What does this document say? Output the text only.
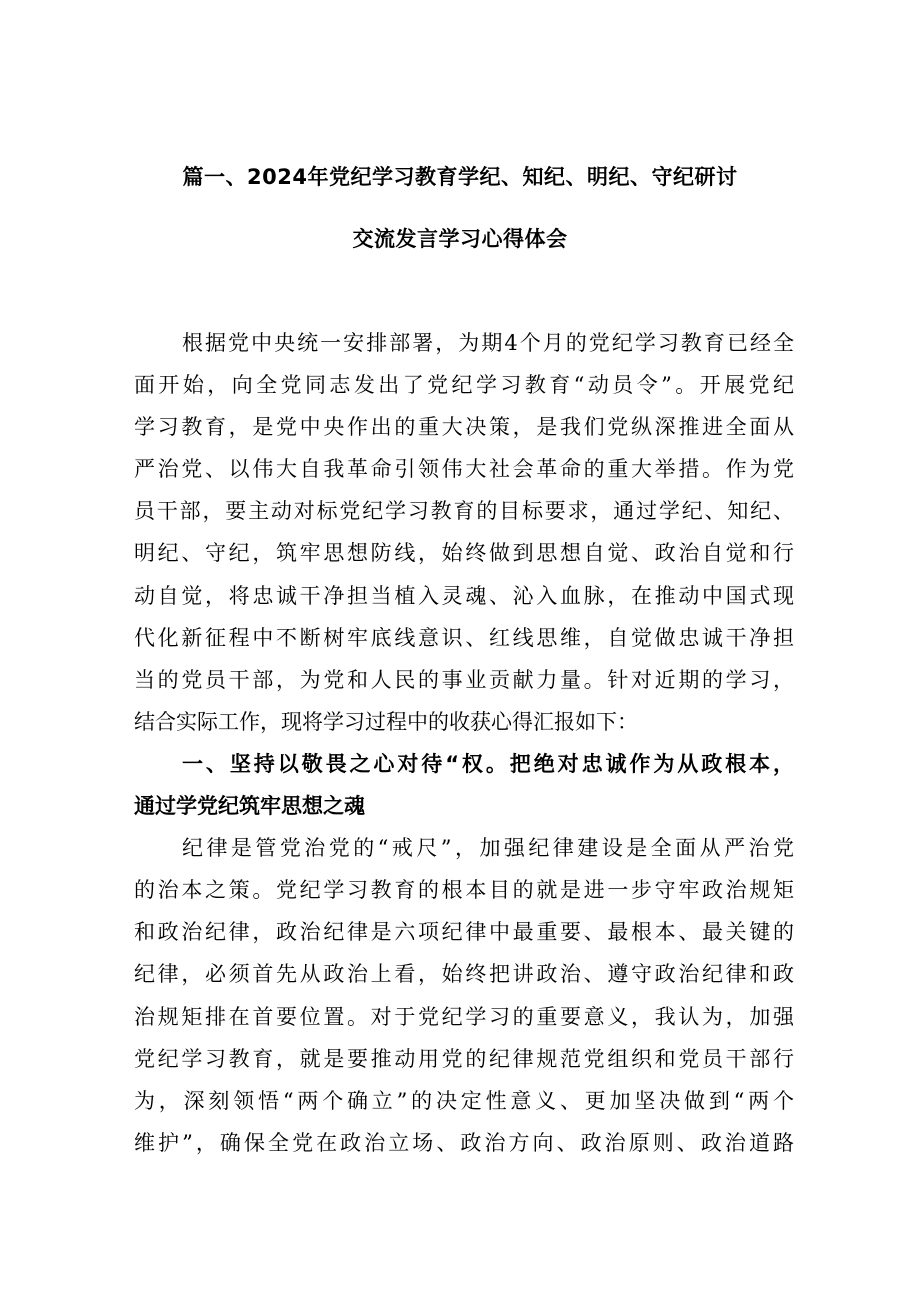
篇一、2024年党纪学习教育学纪、知纪、明纪、守纪研讨
交流发言学习心得体会
根据党中央统一安排部署，为期4个月的党纪学习教育已经全
面开始，向全党同志发出了党纪学习教育“动员令”。开展党纪
学习教育，是党中央作出的重大决策，是我们党纵深推进全面从
严治党、以伟大自我革命引领伟大社会革命的重大举措。作为党
员干部，要主动对标党纪学习教育的目标要求，通过学纪、知纪、
明纪、守纪，筑牢思想防线，始终做到思想自觉、政治自觉和行
动自觉，将忠诚干净担当植入灵魂、沁入血脉，在推动中国式现
代化新征程中不断树牢底线意识、红线思维，自觉做忠诚干净担
当的党员干部，为党和人民的事业贡献力量。针对近期的学习，
结合实际工作，现将学习过程中的收获心得汇报如下：
一、坚持以敬畏之心对待“权。把绝对忠诚作为从政根本，
通过学党纪筑牢思想之魂
纪律是管党治党的“戒尺”，加强纪律建设是全面从严治党
的治本之策。党纪学习教育的根本目的就是进一步守牢政治规矩
和政治纪律，政治纪律是六项纪律中最重要、最根本、最关键的
纪律，必须首先从政治上看，始终把讲政治、遵守政治纪律和政
治规矩排在首要位置。对于党纪学习的重要意义，我认为，加强
党纪学习教育，就是要推动用党的纪律规范党组织和党员干部行
为，深刻领悟“两个确立”的决定性意义、更加坚决做到“两个
维护”，确保全党在政治立场、政治方向、政治原则、政治道路
